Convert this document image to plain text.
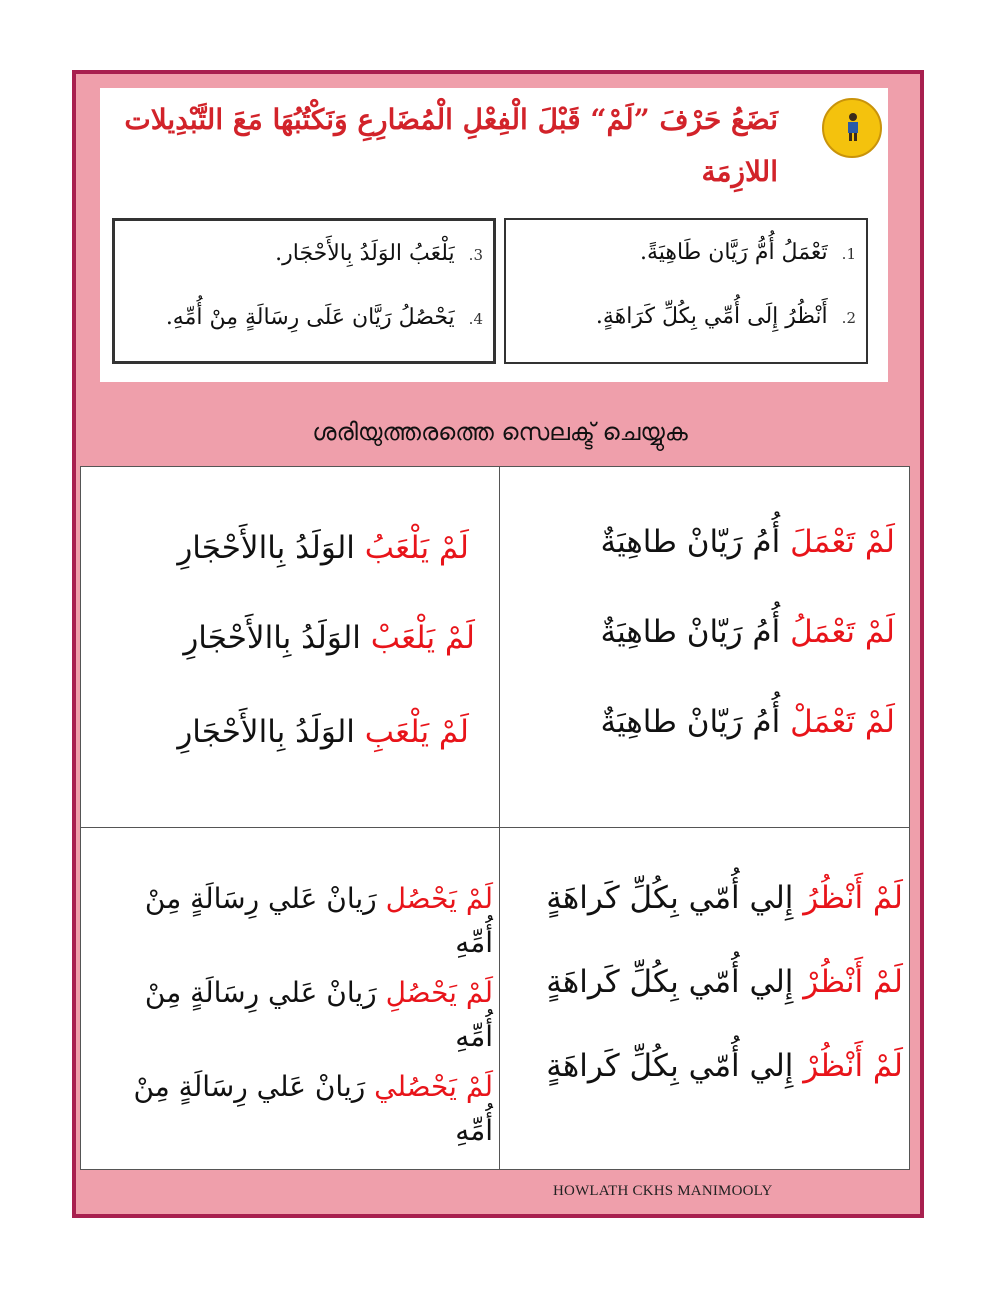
نَضَعُ حَرْفَ ”لَمْ“ قَبْلَ الْفِعْلِ الْمُضَارِعِ وَنَكْتُبُهَا مَعَ التَّبْدِيلات اللازِمَة
1.
تَعْمَلُ أُمُّ رَيَّان طَاهِيَةً.
2.
أَنْظُرُ إِلَى أُمِّي بِكُلِّ كَرَاهَةٍ.
3.
يَلْعَبُ الوَلَدُ بِالأَحْجَار.
4.
يَحْصُلُ رَيَّان عَلَى رِسَالَةٍ مِنْ أُمِّهِ.
ശരിയുത്തരത്തെ സെലക്ട് ചെയ്യുക
لَمْ تَعْمَلَ أُمُ رَيّانْ طاهِيَةٌ
لَمْ تَعْمَلُ أُمُ رَيّانْ طاهِيَةٌ
لَمْ تَعْمَلْ أُمُ رَيّانْ طاهِيَةٌ
لَمْ يَلْعَبُ الوَلَدُ بِاالأَحْجَارِ
لَمْ يَلْعَبْ الوَلَدُ بِاالأَحْجَارِ
لَمْ يَلْعَبِ الوَلَدُ بِاالأَحْجَارِ
لَمْ أَنْظُرُ إِلي أُمّي بِكُلِّ كَراهَةٍ
لَمْ أَنْظُرْ إِلي أُمّي بِكُلِّ كَراهَةٍ
لَمْ أَنْظُرْ إِلي أُمّي بِكُلِّ كَراهَةٍ
لَمْ يَحْصُل رَيانْ عَلي رِسَالَةٍ مِنْ أُمِّهِ
لَمْ يَحْصُلِ رَيانْ عَلي رِسَالَةٍ مِنْ أُمِّهِ
لَمْ يَحْصُلي رَيانْ عَلي رِسَالَةٍ مِنْ أُمِّهِ
HOWLATH CKHS MANIMOOLY
